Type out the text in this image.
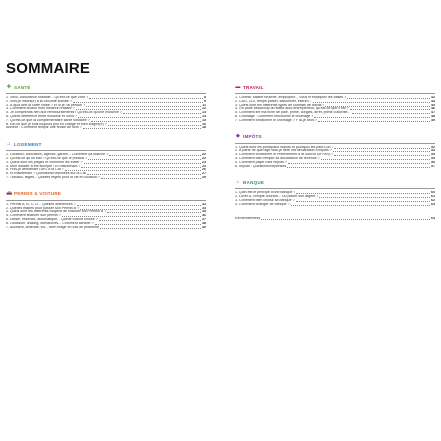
SOMMAIRE
✚ SANTÉ
1. Sécu, Assurance Maladie... Qu'est-ce que c'est ?	8
2. Suis-je inscrit(e) à la Sécurité sociale ?	9
3. À quoi sert la carte Vitale ? Et si je l'ai perdue ?	11
4. Comment choisir mon médecin traitant ?	12
5. Je comprends rien aux remboursements ! Qu'est-ce qu'une mutuelle ?	13
6. Quelle différence entre mutuelle et Sécu ?	14
7. Qu'est-ce que la complémentaire santé solidaire ?	15
8. Est-ce que je suis toujours pris en charge et bien soigné(e) ?	16
Annexe : Comment remplir une feuille de soin ?	18
⌂ LOGEMENT
1. Location, colocation, agence, garant... Comment ça marche ?	20
2. Qu'est-ce qu'un bail ? Qu'est-ce que le préavis ?	22
3. Quels sont les pièges et comment les éviter ?	23
4. Mon dossier a été accepté ! Et maintenant ?	24
5. Puis-je demander l'APL à la Caf ?	26
6. Et maintenant ? Questions/Réponses sur la Caf	27
7. Travaux, litiges... Quelles règles pour la vie en location ?	29
🚗 PERMIS & VOITURE
1. Permis A, B, C, D... Quelles différences ?	32
2. Quelles étapes pour passer son Permis B ?	34
3. Quels sont les différents moyens de financer son Permis B ?	35
4. Comment financer son permis ?	36
5. Diesel, essence, automatique... Quelle voiture choisir ?	37
6. Occasion, leasing, démarches... Comment acheter ?	38
7. Accident, amende, vol... Bien réagir en cas de problème	40
▬ TRAVAIL
1. Contrat, salaire brut/net, employeur... Vous m'expliquez les bases ?	42
2. CDD, CDI, temps partiel, saisonnier, intérim...	44
3. Quels sont les différents types de contrats de travail ?	45
4. On parle beaucoup du statut auto-entrepreneur, qu'est-ce que c'est ?	46
5. Comment lire ma fiche de paie, prime, congés, arrêt, prime d'activité...	47
6. Chômage : Comment fonctionne le chômage ?	48
7. Comment fonctionne le chômage ? Y ai-je droit ?	49
◆ IMPÔTS
1. Quels sont les principaux impôts et pourquoi les paie-t-on ?	52
2. À partir de quel âge dois-je faire ma déclaration d'impôts ?	53
3. Comment fonctionne le Prélèvement à la Source (le PAS) ?	54
4. Comment bien remplir sa déclaration de revenus ?	55
5. Comment payer mes impôts ?	56
6. Impôts : Questions/Réponses	57
⌂ BANQUE
1. Quel est le principe d'une banque ?	60
2. Livret A, compte courant... Où placer son argent ?	61
3. Comment bien choisir sa banque ?	62
4. Comment changer de banque ?	63
Remerciements	64
